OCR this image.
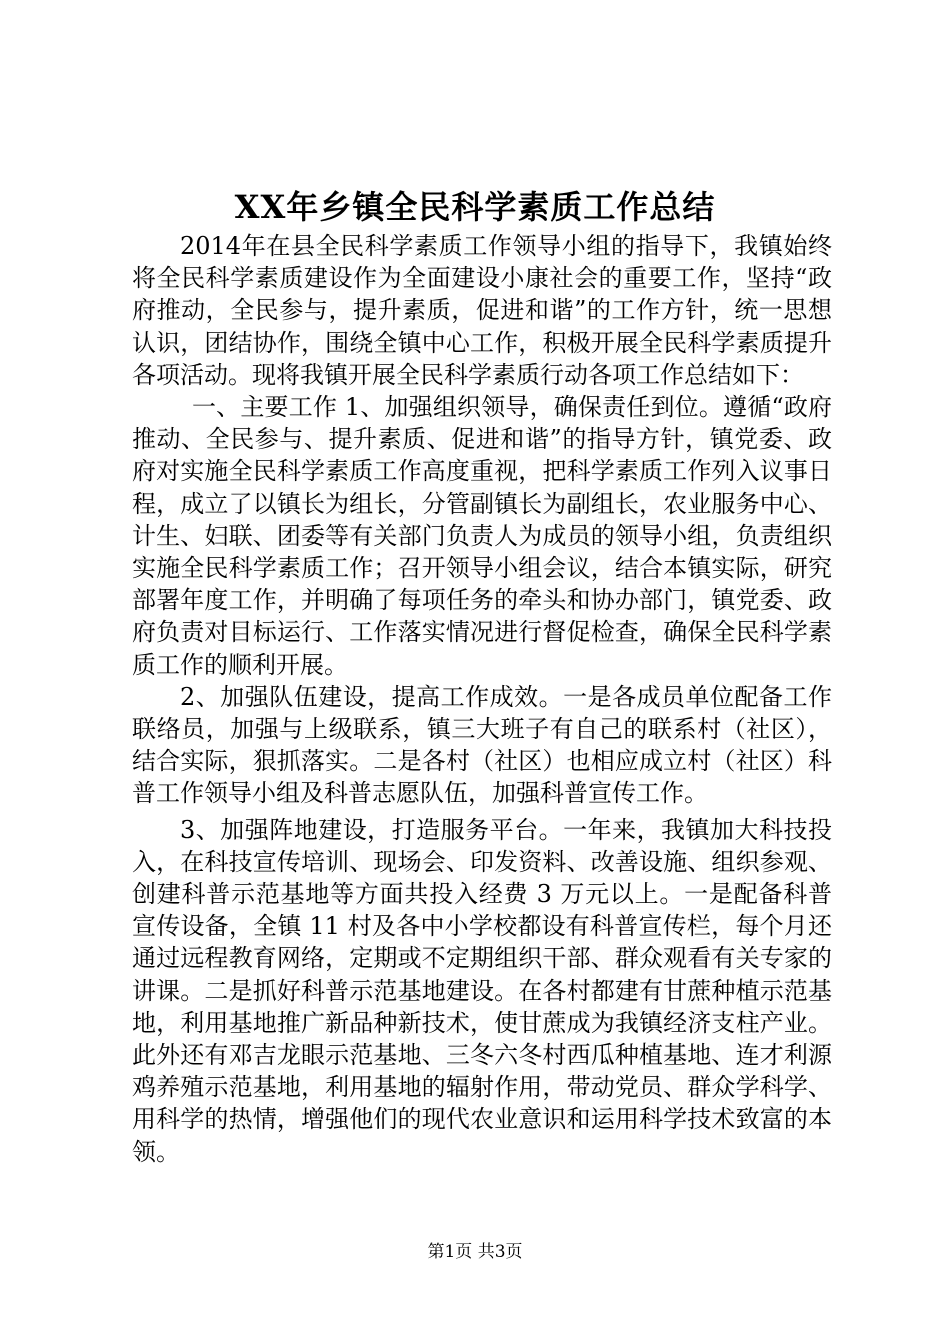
XX年乡镇全民科学素质工作总结

2014年在县全民科学素质工作领导小组的指导下，我镇始终将全民科学素质建设作为全面建设小康社会的重要工作，坚持“政府推动，全民参与，提升素质，促进和谐”的工作方针，统一思想认识，团结协作，围绕全镇中心工作，积极开展全民科学素质提升各项活动。现将我镇开展全民科学素质行动各项工作总结如下：

一、主要工作 1、加强组织领导，确保责任到位。遵循“政府推动、全民参与、提升素质、促进和谐”的指导方针，镇党委、政府对实施全民科学素质工作高度重视，把科学素质工作列入议事日程，成立了以镇长为组长，分管副镇长为副组长，农业服务中心、计生、妇联、团委等有关部门负责人为成员的领导小组，负责组织实施全民科学素质工作；召开领导小组会议，结合本镇实际，研究部署年度工作，并明确了每项任务的牵头和协办部门，镇党委、政府负责对目标运行、工作落实情况进行督促检查，确保全民科学素质工作的顺利开展。

2、加强队伍建设，提高工作成效。一是各成员单位配备工作联络员，加强与上级联系，镇三大班子有自己的联系村（社区），结合实际，狠抓落实。二是各村（社区）也相应成立村（社区）科普工作领导小组及科普志愿队伍，加强科普宣传工作。

3、加强阵地建设，打造服务平台。一年来，我镇加大科技投入，在科技宣传培训、现场会、印发资料、改善设施、组织参观、创建科普示范基地等方面共投入经费 3 万元以上。一是配备科普宣传设备，全镇 11 村及各中小学校都设有科普宣传栏，每个月还通过远程教育网络，定期或不定期组织干部、群众观看有关专家的讲课。二是抓好科普示范基地建设。在各村都建有甘蔗种植示范基地，利用基地推广新品种新技术，使甘蔗成为我镇经济支柱产业。此外还有邓吉龙眼示范基地、三冬六冬村西瓜种植基地、连才利源鸡养殖示范基地，利用基地的辐射作用，带动党员、群众学科学、用科学的热情，增强他们的现代农业意识和运用科学技术致富的本领。

第1页 共3页
